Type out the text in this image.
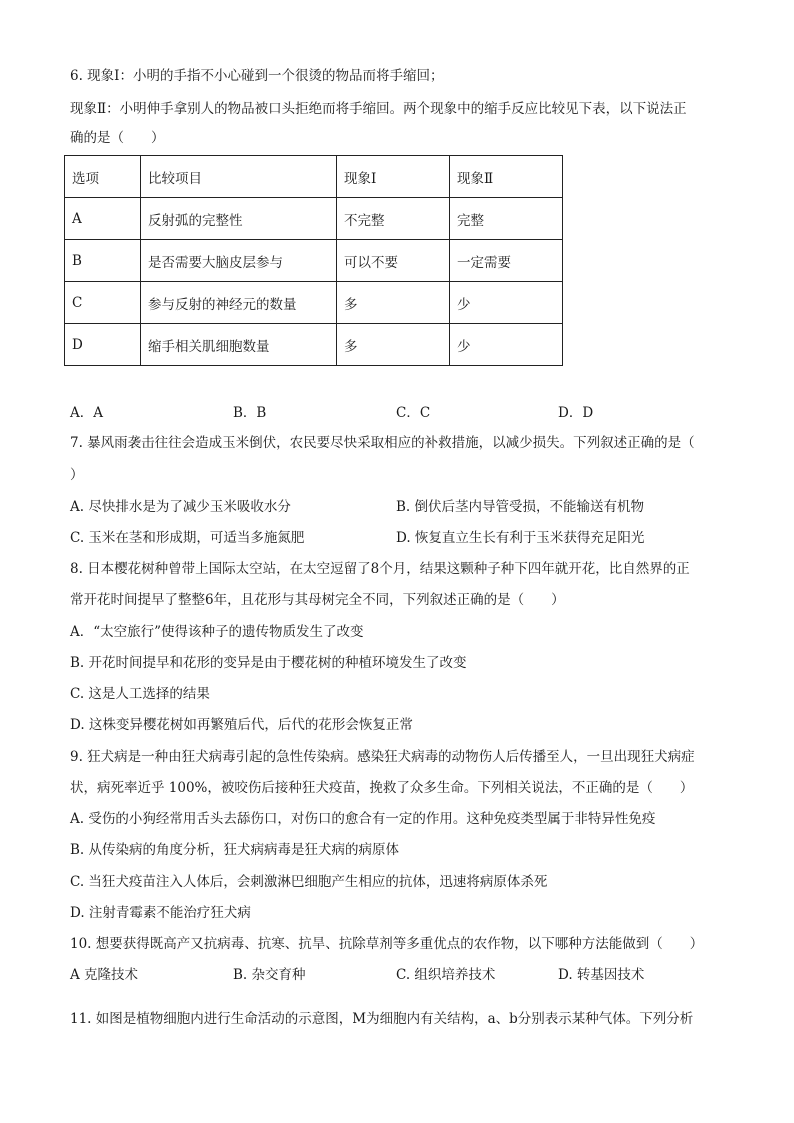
6. 现象Ⅰ：小明的手指不小心碰到一个很烫的物品而将手缩回；
现象Ⅱ：小明伸手拿别人的物品被口头拒绝而将手缩回。两个现象中的缩手反应比较见下表，以下说法正
确的是（　　）
选项	比较项目	现象Ⅰ	现象Ⅱ
A	反射弧的完整性	不完整	完整
B	是否需要大脑皮层参与	可以不要	一定需要
C	参与反射的神经元的数量	多	少
D	缩手相关肌细胞数量	多	少
A．A	B．B	C．C	D．D
7. 暴风雨袭击往往会造成玉米倒伏，农民要尽快采取相应的补救措施，以减少损失。下列叙述正确的是（
）
A. 尽快排水是为了减少玉米吸收水分	B. 倒伏后茎内导管受损，不能输送有机物
C. 玉米在茎和形成期，可适当多施氮肥	D. 恢复直立生长有利于玉米获得充足阳光
8. 日本樱花树种曾带上国际太空站，在太空逗留了8个月，结果这颗种子种下四年就开花，比自然界的正
常开花时间提早了整整6年，且花形与其母树完全不同，下列叙述正确的是（　　）
A．“太空旅行”使得该种子的遗传物质发生了改变
B. 开花时间提早和花形的变异是由于樱花树的种植环境发生了改变
C. 这是人工选择的结果
D. 这株变异樱花树如再繁殖后代，后代的花形会恢复正常
9. 狂犬病是一种由狂犬病毒引起的急性传染病。感染狂犬病毒的动物伤人后传播至人，一旦出现狂犬病症
状，病死率近乎 100%，被咬伤后接种狂犬疫苗，挽救了众多生命。下列相关说法，不正确的是（　　）
A. 受伤的小狗经常用舌头去舔伤口，对伤口的愈合有一定的作用。这种免疫类型属于非特异性免疫
B. 从传染病的角度分析，狂犬病病毒是狂犬病的病原体
C. 当狂犬疫苗注入人体后，会刺激淋巴细胞产生相应的抗体，迅速将病原体杀死
D. 注射青霉素不能治疗狂犬病
10. 想要获得既高产又抗病毒、抗寒、抗旱、抗除草剂等多重优点的农作物，以下哪种方法能做到（　　）
A 克隆技术	B. 杂交育种	C. 组织培养技术	D. 转基因技术
11. 如图是植物细胞内进行生命活动的示意图，M为细胞内有关结构，a、b分别表示某种气体。下列分析
